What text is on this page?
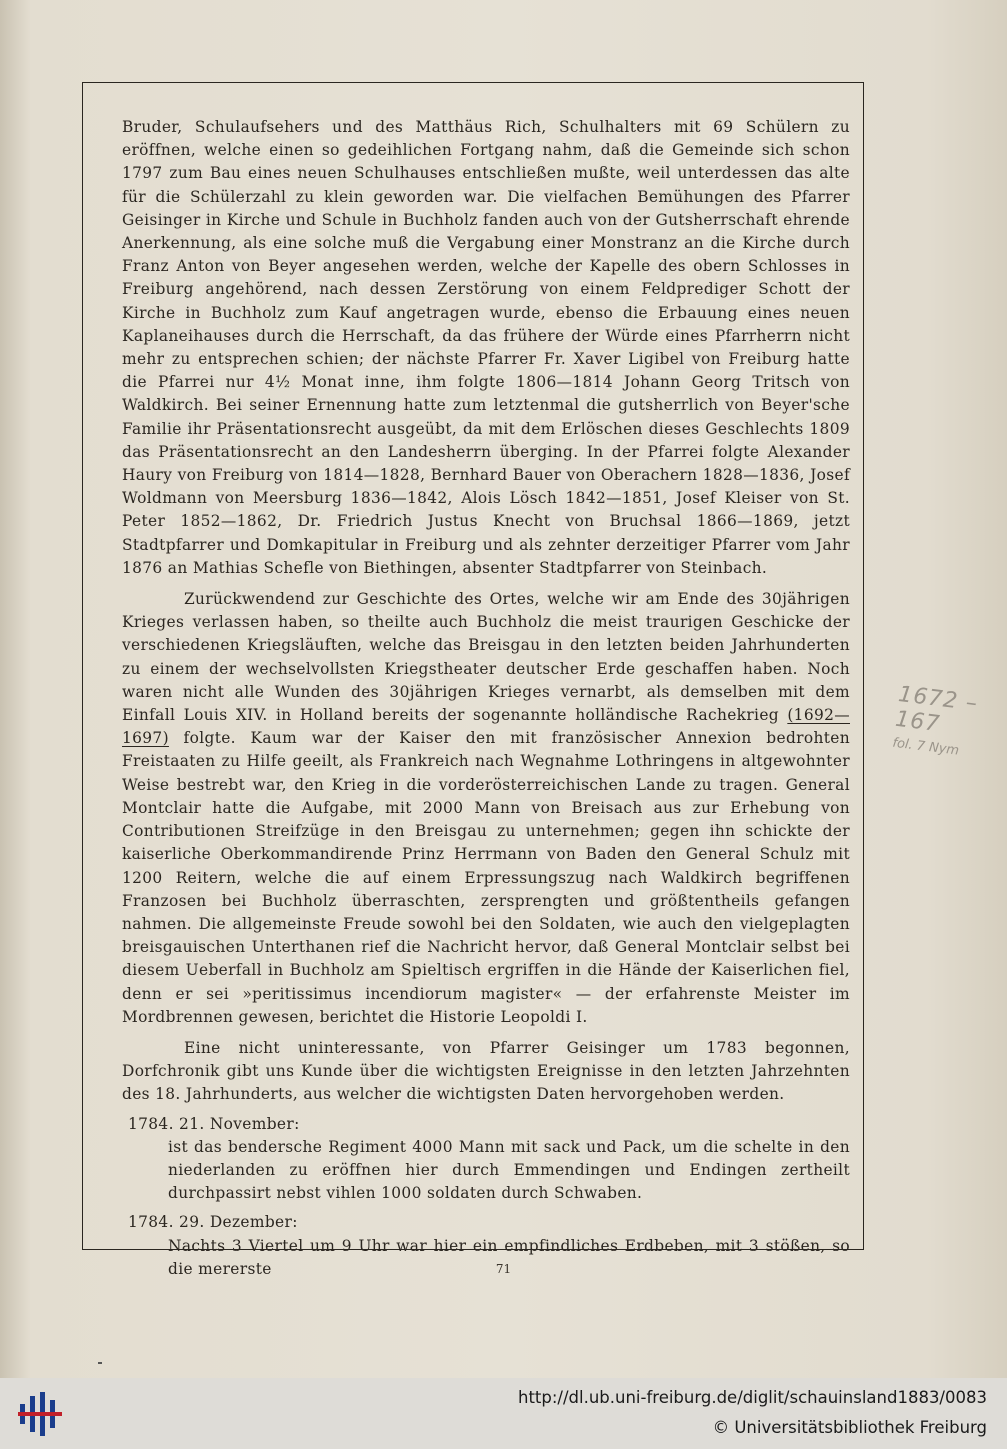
Bruder, Schulaufsehers und des Matthäus Rich, Schulhalters mit 69 Schülern zu eröffnen, welche einen so gedeihlichen Fortgang nahm, daß die Gemeinde sich schon 1797 zum Bau eines neuen Schulhauses entschließen mußte, weil unterdessen das alte für die Schülerzahl zu klein geworden war. Die vielfachen Bemühungen des Pfarrer Geisinger in Kirche und Schule in Buchholz fanden auch von der Gutsherrschaft ehrende Anerkennung, als eine solche muß die Vergabung einer Monstranz an die Kirche durch Franz Anton von Beyer angesehen werden, welche der Kapelle des obern Schlosses in Freiburg angehörend, nach dessen Zerstörung von einem Feldprediger Schott der Kirche in Buchholz zum Kauf angetragen wurde, ebenso die Erbauung eines neuen Kaplaneihauses durch die Herrschaft, da das frühere der Würde eines Pfarrherrn nicht mehr zu entsprechen schien; der nächste Pfarrer Fr. Xaver Ligibel von Freiburg hatte die Pfarrei nur 4½ Monat inne, ihm folgte 1806—1814 Johann Georg Tritsch von Waldkirch. Bei seiner Ernennung hatte zum letztenmal die gutsherrlich von Beyer'sche Familie ihr Präsentationsrecht ausgeübt, da mit dem Erlöschen dieses Geschlechts 1809 das Präsentationsrecht an den Landesherrn überging. In der Pfarrei folgte Alexander Haury von Freiburg von 1814—1828, Bernhard Bauer von Oberachern 1828—1836, Josef Woldmann von Meersburg 1836—1842, Alois Lösch 1842—1851, Josef Kleiser von St. Peter 1852—1862, Dr. Friedrich Justus Knecht von Bruchsal 1866—1869, jetzt Stadtpfarrer und Domkapitular in Freiburg und als zehnter derzeitiger Pfarrer vom Jahr 1876 an Mathias Schefle von Biethingen, absenter Stadtpfarrer von Steinbach.

Zurückwendend zur Geschichte des Ortes, welche wir am Ende des 30jährigen Krieges verlassen haben, so theilte auch Buchholz die meist traurigen Geschicke der verschiedenen Kriegsläuften, welche das Breisgau in den letzten beiden Jahrhunderten zu einem der wechselvollsten Kriegstheater deutscher Erde geschaffen haben. Noch waren nicht alle Wunden des 30jährigen Krieges vernarbt, als demselben mit dem Einfall Louis XIV. in Holland bereits der sogenannte holländische Rachekrieg (1692—1697) folgte. Kaum war der Kaiser den mit französischer Annexion bedrohten Freistaaten zu Hilfe geeilt, als Frankreich nach Wegnahme Lothringens in altgewohnter Weise bestrebt war, den Krieg in die vorderösterreichischen Lande zu tragen. General Montclair hatte die Aufgabe, mit 2000 Mann von Breisach aus zur Erhebung von Contributionen Streifzüge in den Breisgau zu unternehmen; gegen ihn schickte der kaiserliche Oberkommandirende Prinz Herrmann von Baden den General Schulz mit 1200 Reitern, welche die auf einem Erpressungszug nach Waldkirch begriffenen Franzosen bei Buchholz überraschten, zersprengten und größtentheils gefangen nahmen. Die allgemeinste Freude sowohl bei den Soldaten, wie auch den vielgeplagten breisgauischen Unterthanen rief die Nachricht hervor, daß General Montclair selbst bei diesem Ueberfall in Buchholz am Spieltisch ergriffen in die Hände der Kaiserlichen fiel, denn er sei »peritissimus incendiorum magister« — der erfahrenste Meister im Mordbrennen gewesen, berichtet die Historie Leopoldi I.

Eine nicht uninteressante, von Pfarrer Geisinger um 1783 begonnen, Dorfchronik gibt uns Kunde über die wichtigsten Ereignisse in den letzten Jahrzehnten des 18. Jahrhunderts, aus welcher die wichtigsten Daten hervorgehoben werden.

1784. 21. November:

ist das bendersche Regiment 4000 Mann mit sack und Pack, um die schelte in den niederlanden zu eröffnen hier durch Emmendingen und Endingen zertheilt durchpassirt nebst vihlen 1000 soldaten durch Schwaben.

1784. 29. Dezember:

Nachts 3 Viertel um 9 Uhr war hier ein empfindliches Erdbeben, mit 3 stößen, so die mererste

1672 – 167
fol. 7 Nym
71
http://dl.ub.uni-freiburg.de/diglit/schauinsland1883/0083
© Universitätsbibliothek Freiburg
